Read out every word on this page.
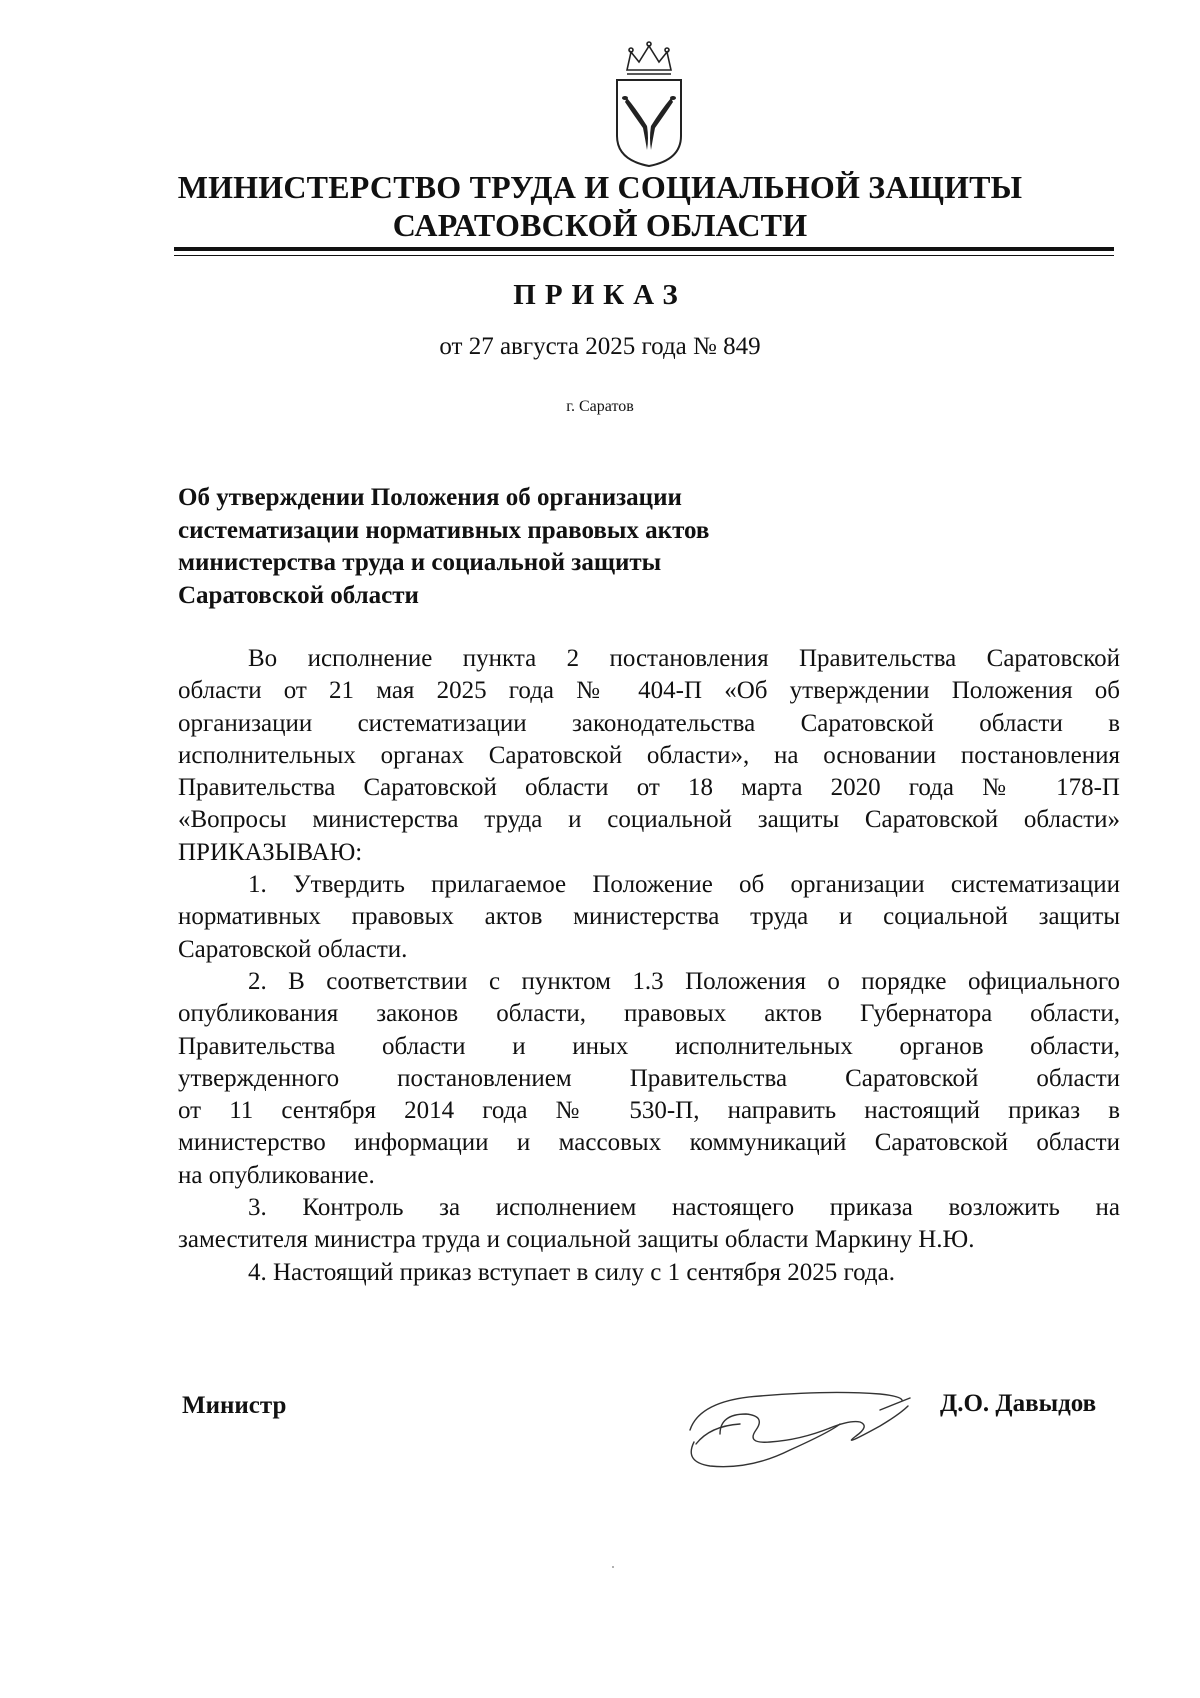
МИНИСТЕРСТВО ТРУДА И СОЦИАЛЬНОЙ ЗАЩИТЫ
САРАТОВСКОЙ ОБЛАСТИ
ПРИКАЗ
от 27 августа 2025 года № 849
г. Саратов
Об утверждении Положения об организации
систематизации нормативных правовых актов
министерства труда и социальной защиты
Саратовской области
Во исполнение пункта 2 постановления Правительства Саратовской
области от 21 мая 2025 года № 404-П «Об утверждении Положения об
организации систематизации законодательства Саратовской области в
исполнительных органах Саратовской области», на основании постановления
Правительства Саратовской области от 18 марта 2020 года № 178-П
«Вопросы министерства труда и социальной защиты Саратовской области»
ПРИКАЗЫВАЮ:
1. Утвердить прилагаемое Положение об организации систематизации
нормативных правовых актов министерства труда и социальной защиты
Саратовской области.
2. В соответствии с пунктом 1.3 Положения о порядке официального
опубликования законов области, правовых актов Губернатора области,
Правительства области и иных исполнительных органов области,
утвержденного постановлением Правительства Саратовской области
от 11 сентября 2014 года № 530-П, направить настоящий приказ в
министерство информации и массовых коммуникаций Саратовской области
на опубликование.
3. Контроль за исполнением настоящего приказа возложить на
заместителя министра труда и социальной защиты области Маркину Н.Ю.
4. Настоящий приказ вступает в силу с 1 сентября 2025 года.
Министр	Д.О. Давыдов
